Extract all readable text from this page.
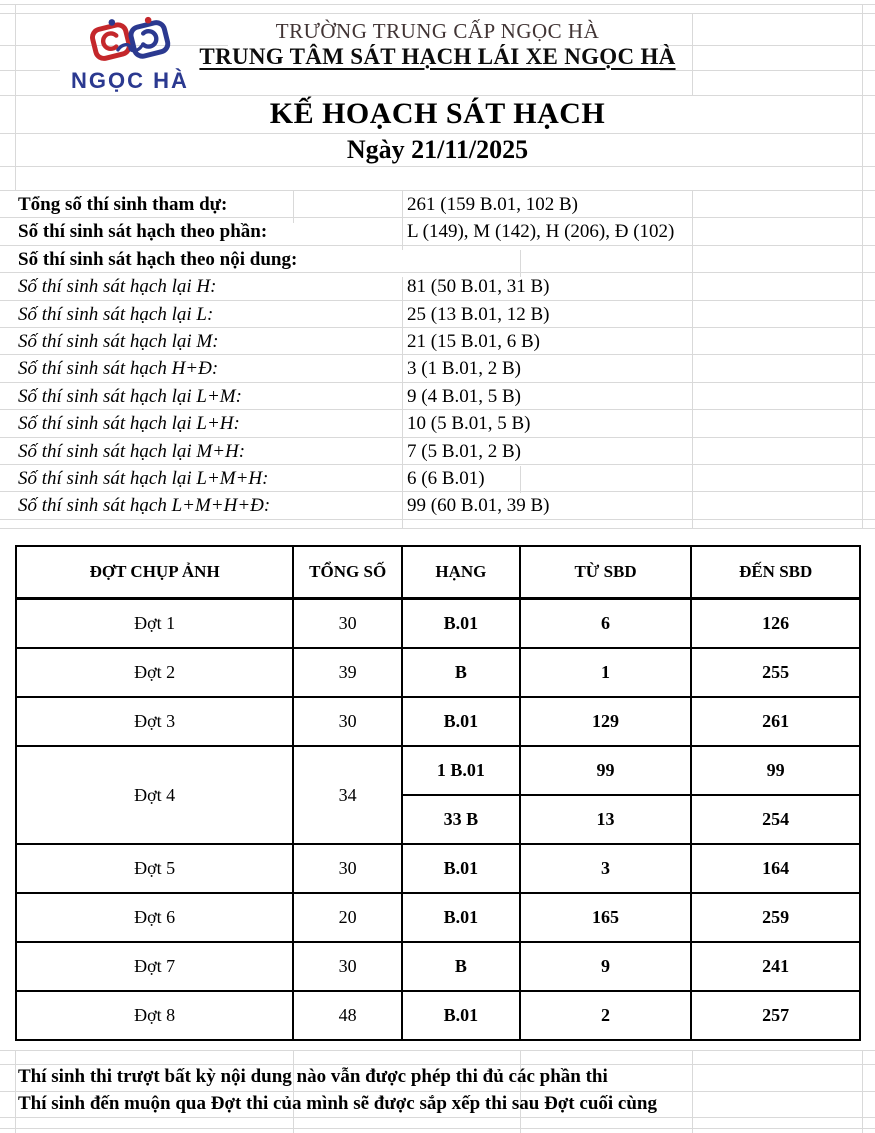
NGỌC HÀ
TRƯỜNG TRUNG CẤP NGỌC HÀ
TRUNG TÂM SÁT HẠCH LÁI XE NGỌC HÀ
KẾ HOẠCH SÁT HẠCH
Ngày 21/11/2025
Tổng số thí sinh tham dự:	261 (159 B.01, 102 B)
Số thí sinh sát hạch theo phần:	L (149), M (142), H (206), Đ (102)
Số thí sinh sát hạch theo nội dung:
Số thí sinh sát hạch lại H:	81 (50 B.01, 31 B)
Số thí sinh sát hạch lại L:	25 (13 B.01, 12 B)
Số thí sinh sát hạch lại M:	21 (15 B.01, 6 B)
Số thí sinh sát hạch H+Đ:	3 (1 B.01, 2 B)
Số thí sinh sát hạch lại L+M:	9 (4 B.01, 5 B)
Số thí sinh sát hạch lại L+H:	10 (5 B.01, 5 B)
Số thí sinh sát hạch lại M+H:	7 (5 B.01, 2 B)
Số thí sinh sát hạch lại L+M+H:	6 (6 B.01)
Số thí sinh sát hạch L+M+H+Đ:	99 (60 B.01, 39 B)
ĐỢT CHỤP ẢNH	TỔNG SỐ	HẠNG	TỪ SBD	ĐẾN SBD
Đợt 1	30	B.01	6	126
Đợt 2	39	B	1	255
Đợt 3	30	B.01	129	261
Đợt 4	34	1 B.01	99	99
		33 B	13	254
Đợt 5	30	B.01	3	164
Đợt 6	20	B.01	165	259
Đợt 7	30	B	9	241
Đợt 8	48	B.01	2	257
Thí sinh thi trượt bất kỳ nội dung nào vẫn được phép thi đủ các phần thi
Thí sinh đến muộn qua Đợt thi của mình sẽ được sắp xếp thi sau Đợt cuối cùng
